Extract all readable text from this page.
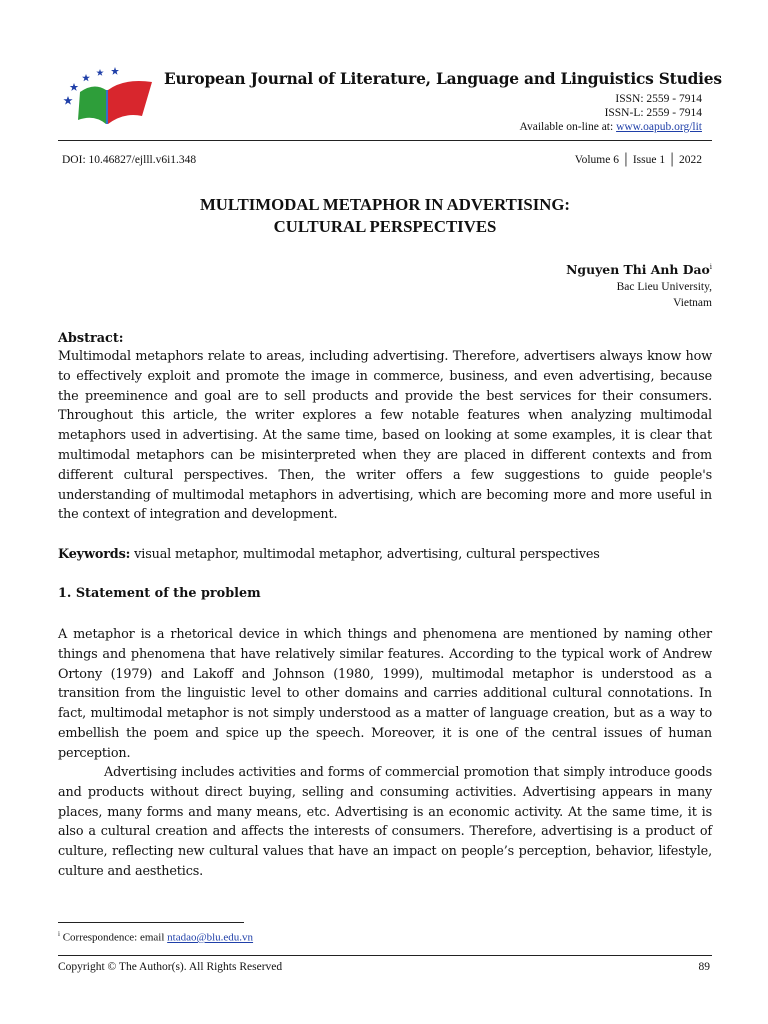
European Journal of Literature, Language and Linguistics Studies
ISSN: 2559 - 7914
ISSN-L: 2559 - 7914
Available on-line at: www.oapub.org/lit
DOI: 10.46827/ejlll.v6i1.348	Volume 6 │ Issue 1 │ 2022
MULTIMODAL METAPHOR IN ADVERTISING:
CULTURAL PERSPECTIVES
Nguyen Thi Anh Dao$^i$
Bac Lieu University,
Vietnam
Abstract:

Multimodal metaphors relate to areas, including advertising. Therefore, advertisers always know how to effectively exploit and promote the image in commerce, business, and even advertising, because the preeminence and goal are to sell products and provide the best services for their consumers. Throughout this article, the writer explores a few notable features when analyzing multimodal metaphors used in advertising. At the same time, based on looking at some examples, it is clear that multimodal metaphors can be misinterpreted when they are placed in different contexts and from different cultural perspectives. Then, the writer offers a few suggestions to guide people's understanding of multimodal metaphors in advertising, which are becoming more and more useful in the context of integration and development.

Keywords: visual metaphor, multimodal metaphor, advertising, cultural perspectives

1. Statement of the problem

A metaphor is a rhetorical device in which things and phenomena are mentioned by naming other things and phenomena that have relatively similar features. According to the typical work of Andrew Ortony (1979) and Lakoff and Johnson (1980, 1999), multimodal metaphor is understood as a transition from the linguistic level to other domains and carries additional cultural connotations. In fact, multimodal metaphor is not simply understood as a matter of language creation, but as a way to embellish the poem and spice up the speech. Moreover, it is one of the central issues of human perception.

Advertising includes activities and forms of commercial promotion that simply introduce goods and products without direct buying, selling and consuming activities. Advertising appears in many places, many forms and many means, etc. Advertising is an economic activity. At the same time, it is also a cultural creation and affects the interests of consumers. Therefore, advertising is a product of culture, reflecting new cultural values that have an impact on people’s perception, behavior, lifestyle, culture and aesthetics.

$^i$ Correspondence: email ntadao@blu.edu.vn
Copyright © The Author(s). All Rights Reserved	89
